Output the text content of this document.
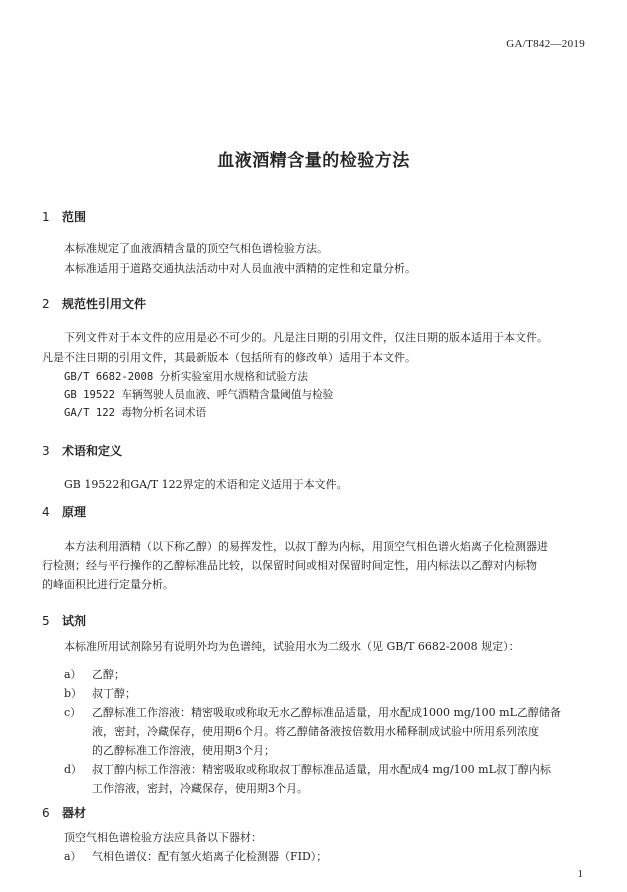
GA/T842—2019
血液酒精含量的检验方法
1 范围
本标准规定了血液酒精含量的顶空气相色谱检验方法。
本标准适用于道路交通执法活动中对人员血液中酒精的定性和定量分析。
2 规范性引用文件
下列文件对于本文件的应用是必不可少的。凡是注日期的引用文件，仅注日期的版本适用于本文件。
凡是不注日期的引用文件，其最新版本（包括所有的修改单）适用于本文件。
GB/T 6682-2008 分析实验室用水规格和试验方法
GB 19522 车辆驾驶人员血液、呼气酒精含量阈值与检验
GA/T 122 毒物分析名词术语
3 术语和定义
GB 19522和GA/T 122界定的术语和定义适用于本文件。
4 原理
本方法利用酒精（以下称乙醇）的易挥发性，以叔丁醇为内标，用顶空气相色谱火焰离子化检测器进
行检测；经与平行操作的乙醇标准品比较，以保留时间或相对保留时间定性，用内标法以乙醇对内标物
的峰面积比进行定量分析。
5 试剂
本标准所用试剂除另有说明外均为色谱纯，试验用水为二级水（见 GB/T 6682-2008 规定）：
a） 乙醇；
b） 叔丁醇；
c） 乙醇标准工作溶液：精密吸取或称取无水乙醇标准品适量，用水配成1000 mg/100 mL乙醇储备
液，密封，冷藏保存，使用期6个月。将乙醇储备液按倍数用水稀释制成试验中所用系列浓度
的乙醇标准工作溶液，使用期3个月；
d） 叔丁醇内标工作溶液：精密吸取或称取叔丁醇标准品适量，用水配成4 mg/100 mL叔丁醇内标
工作溶液，密封，冷藏保存，使用期3个月。
6 器材
顶空气相色谱检验方法应具备以下器材：
a） 气相色谱仪：配有氢火焰离子化检测器（FID）；
1
